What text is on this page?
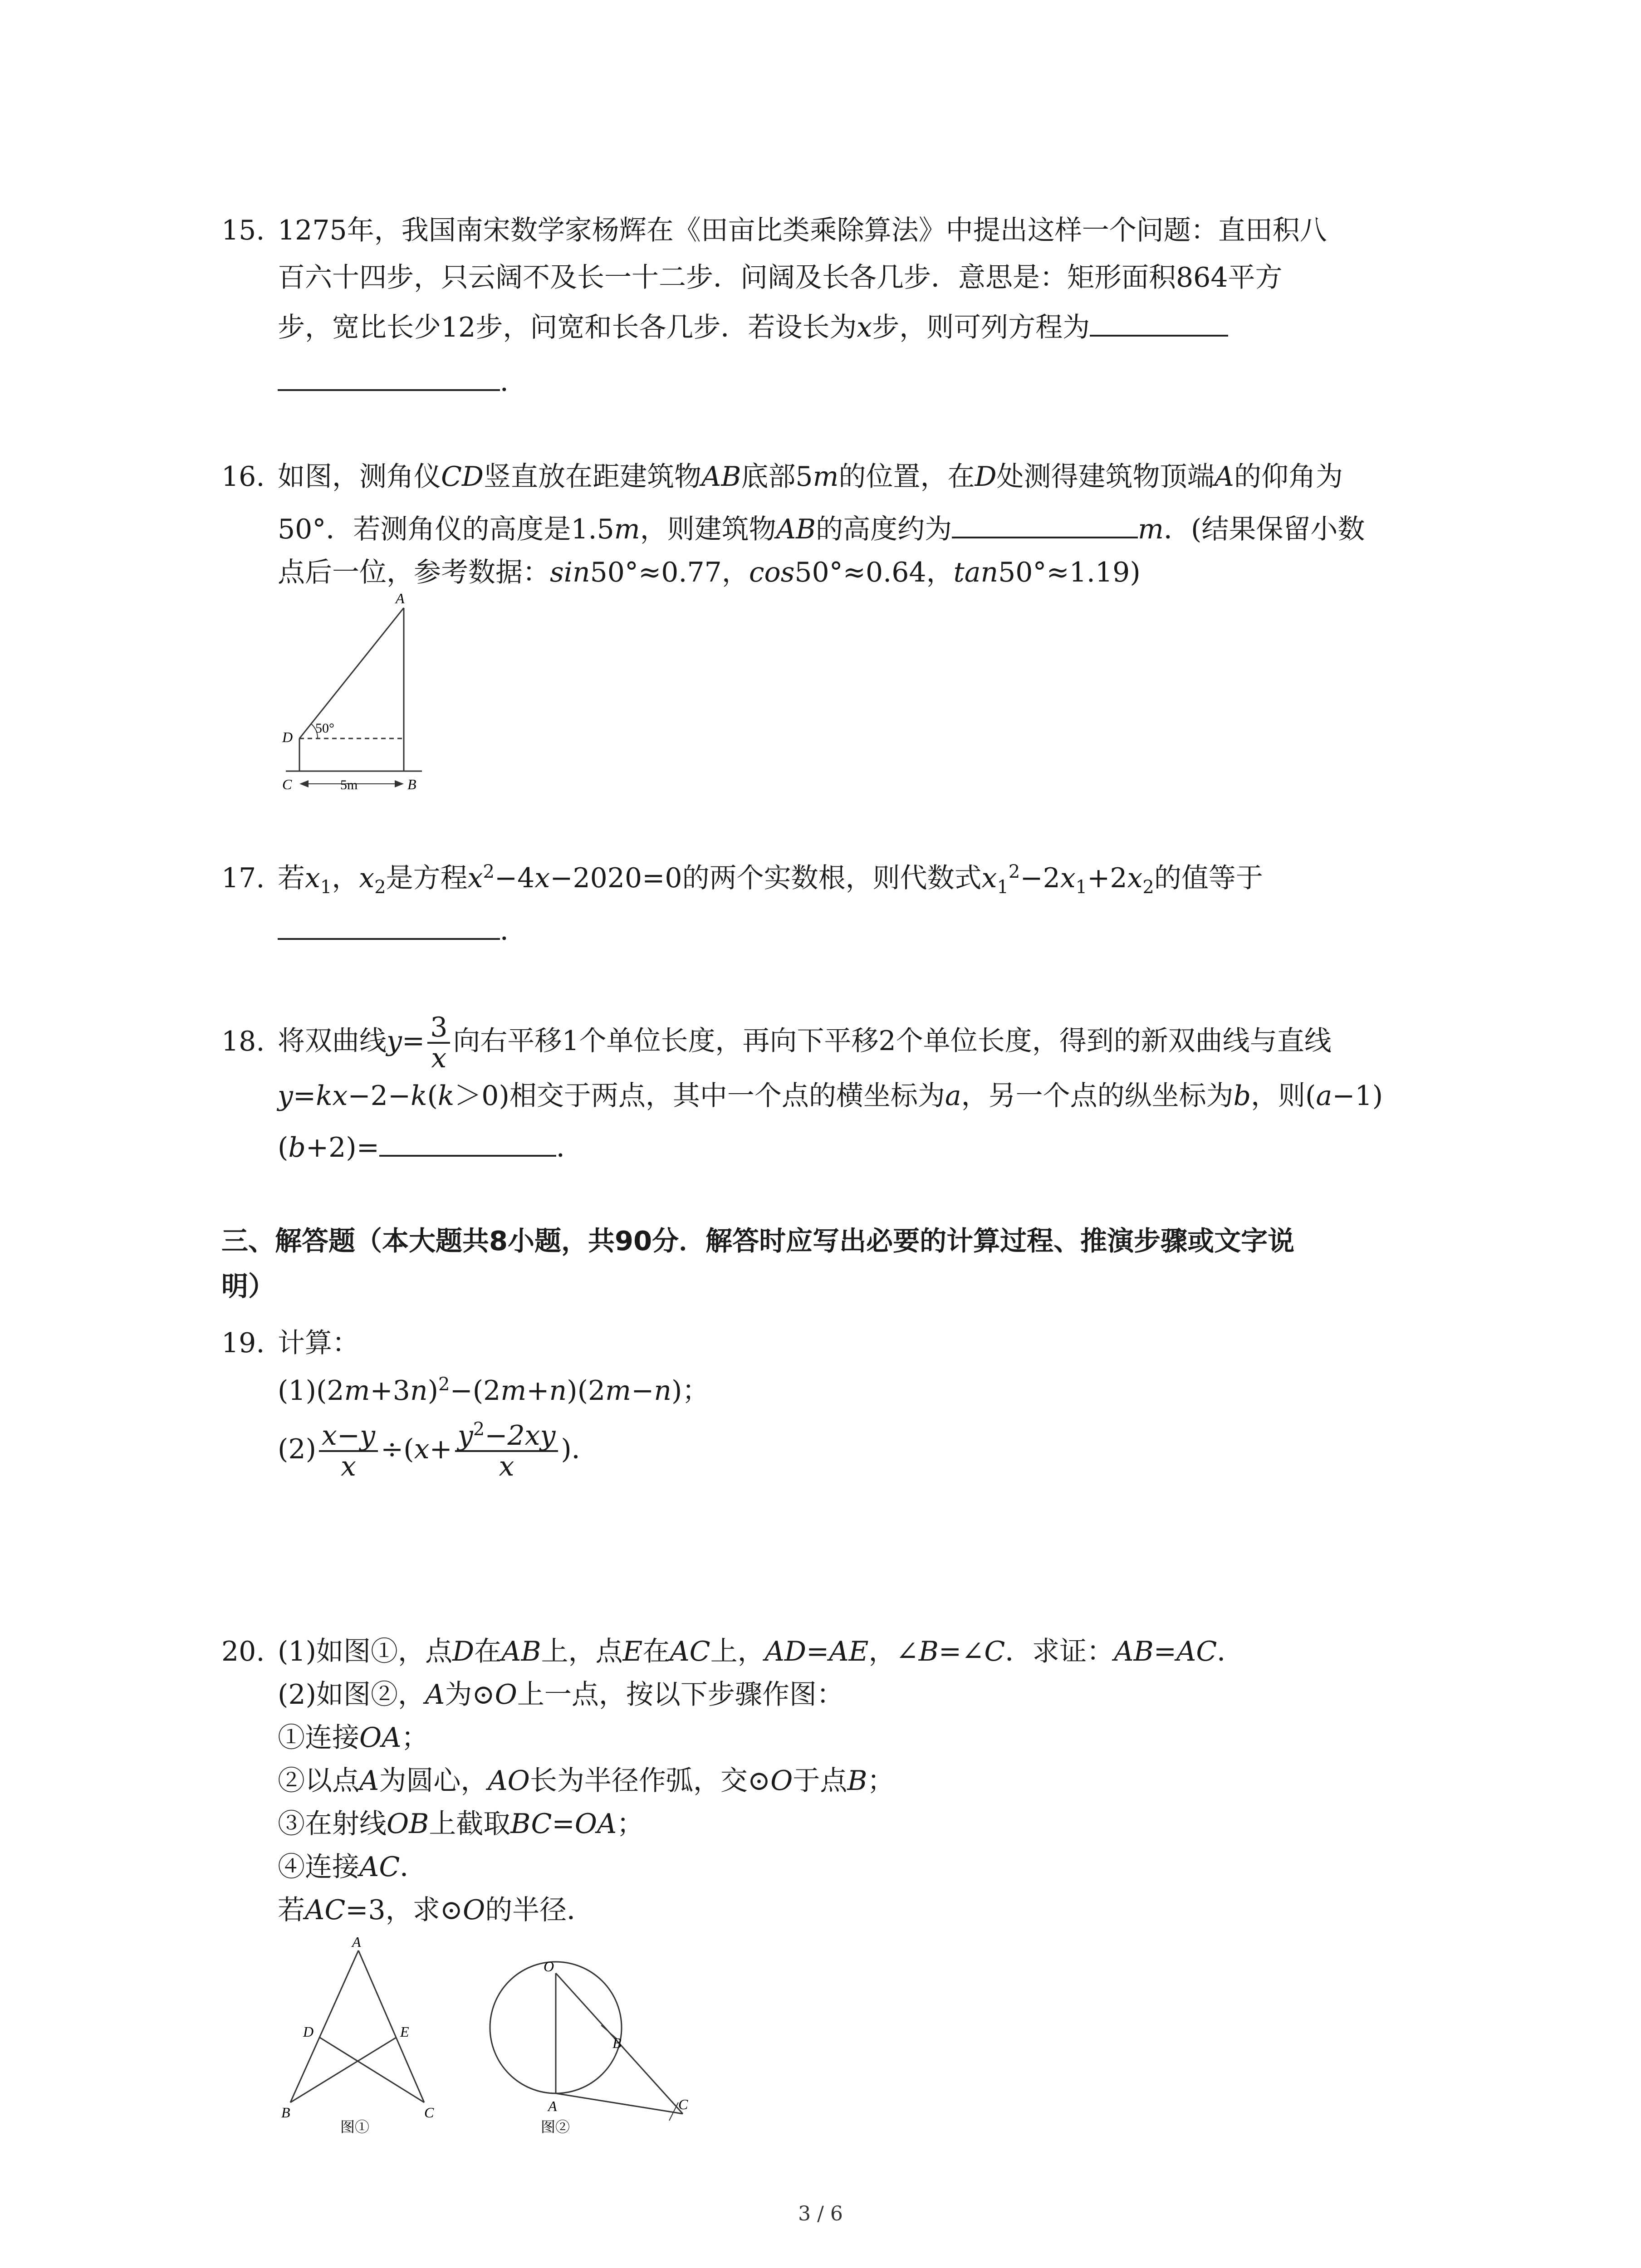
15. 1275年，我国南宋数学家杨辉在《田亩比类乘除算法》中提出这样一个问题：直田积八
百六十四步，只云阔不及长一十二步．问阔及长各几步．意思是：矩形面积864平方
步，宽比长少12步，问宽和长各几步．若设长为x步，则可列方程为
．
16. 如图，测角仪CD竖直放在距建筑物AB底部5m的位置，在D处测得建筑物顶端A的仰角为
50°．若测角仪的高度是1.5m，则建筑物AB的高度约为	m．(结果保留小数
点后一位，参考数据：sin50°≈0.77，cos50°≈0.64，tan50°≈1.19)
A
D
50°
C	B
5m
17. 若$x_1$，$x_2$是方程$x^2-4x-2020=0$的两个实数根，则代数式$x_1^2-2x_1+2x_2$的值等于
．
18. 将双曲线$y= \frac{3}{x}$ 向右平移1个单位长度，再向下平移2个单位长度，得到的新双曲线与直线
y=kx−2−k(k＞0)相交于两点，其中一个点的横坐标为a，另一个点的纵坐标为b，则(a−1)
(b+2)=	．
三、解答题（本大题共8小题，共90分．解答时应写出必要的计算过程、推演步骤或文字说
明）
19. 计算：
$(1)(2m+3n)^2-(2m+n)(2m-n)$；
$(2) \frac{x-y}{x} \div(x+ \frac{y^2-2xy}{x}$ )．
20. (1)如图①，点D在AB上，点E在AC上，AD=AE，∠B=∠C．求证：AB=AC．
(2)如图②，A为⊙O上一点，按以下步骤作图：
①连接OA；
②以点A为圆心，AO长为半径作弧，交⊙O于点B；
③在射线OB上截取BC=OA；
④连接AC．
若AC=3，求⊙O的半径．
A
D	E
B	C
图①
O
B
A	C
图②
3 / 6
